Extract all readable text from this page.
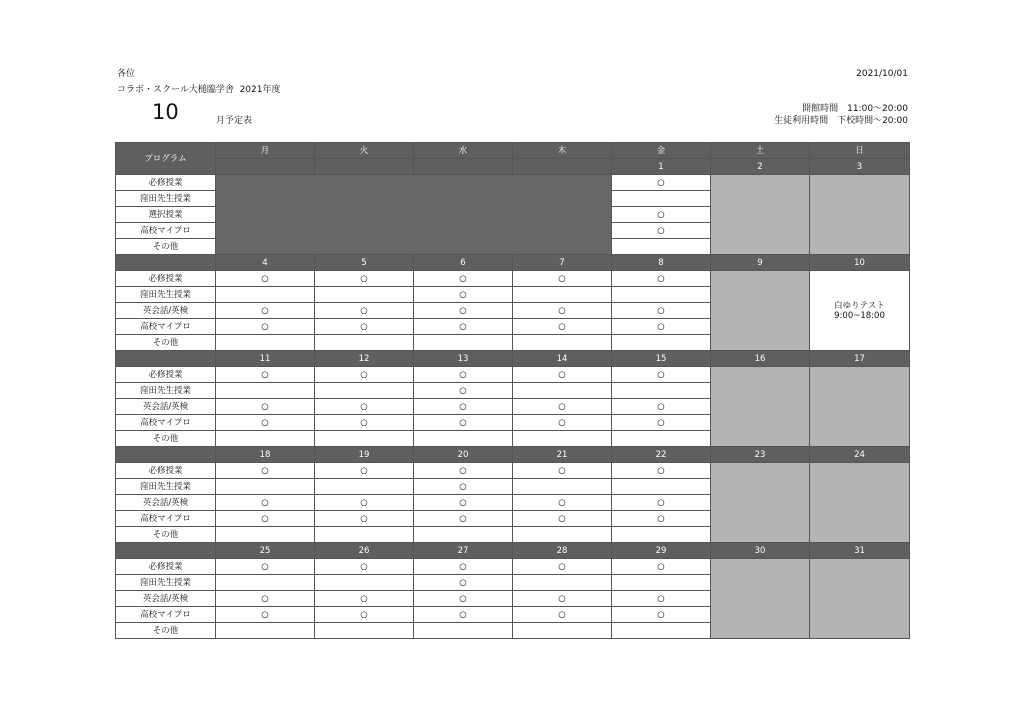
各位
コラボ・スクール大槌臨学舎 2021年度
10	月予定表
2021/10/01
開館時間　11:00〜20:00
生徒利用時間　下校時間〜20:00
プログラム	月	火	水	木	金	土	日
					1	2	3
必修授業					○		
窪田先生授業							
選択授業					○		
高校マイプロ					○		
その他							
	4	5	6	7	8	9	10
必修授業	○	○	○	○	○		白ゆりテスト
9:00~18:00

窪田先生授業			○				
英会話/英検	○	○	○	○	○		
高校マイプロ	○	○	○	○	○		
その他							
	11	12	13	14	15	16	17
必修授業	○	○	○	○	○		
窪田先生授業			○				
英会話/英検	○	○	○	○	○		
高校マイプロ	○	○	○	○	○		
その他							
	18	19	20	21	22	23	24
必修授業	○	○	○	○	○		
窪田先生授業			○				
英会話/英検	○	○	○	○	○		
高校マイプロ	○	○	○	○	○		
その他							
	25	26	27	28	29	30	31
必修授業	○	○	○	○	○		
窪田先生授業			○				
英会話/英検	○	○	○	○	○		
高校マイプロ	○	○	○	○	○		
その他							
